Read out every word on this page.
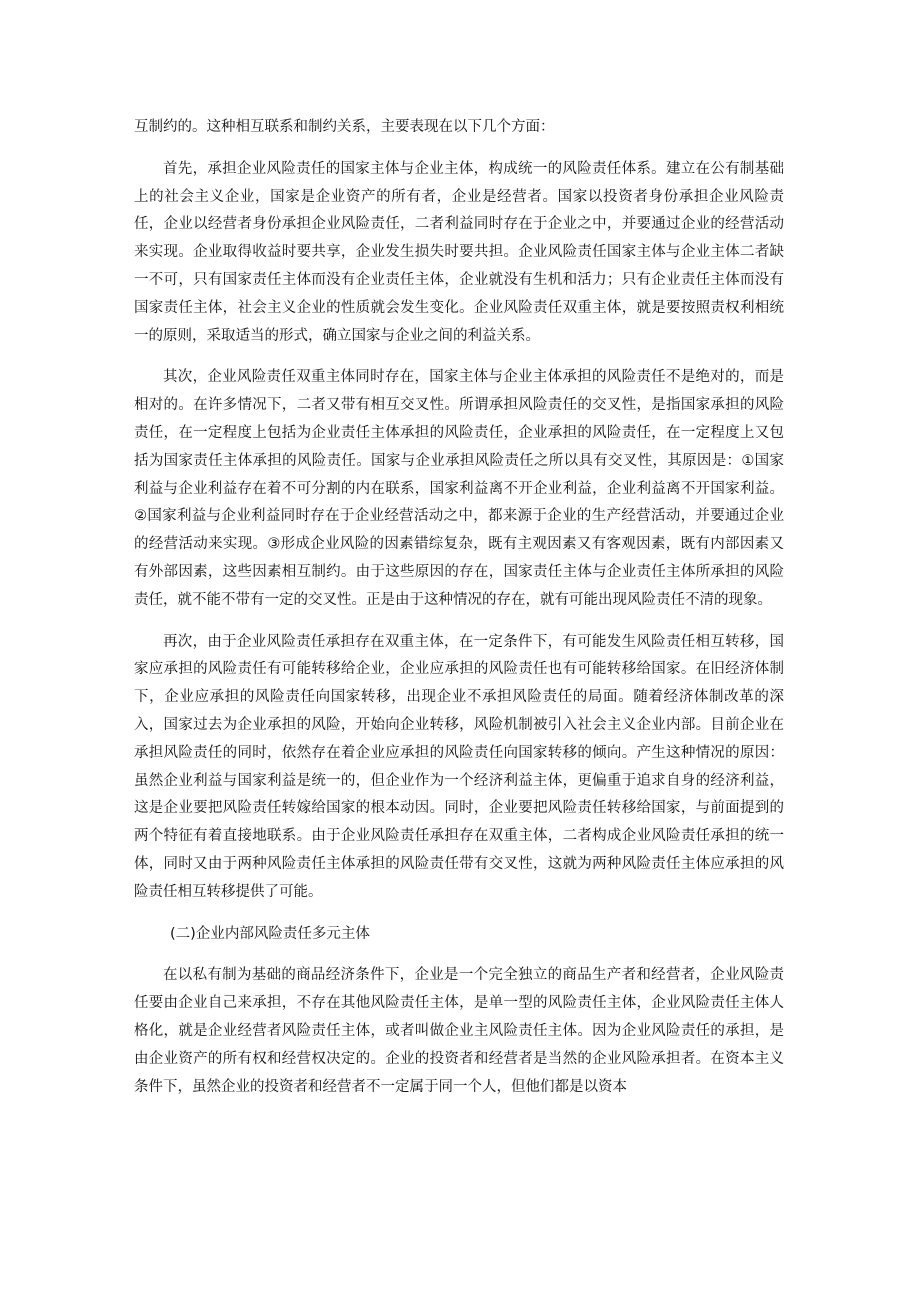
互制约的。这种相互联系和制约关系，主要表现在以下几个方面：

首先，承担企业风险责任的国家主体与企业主体，构成统一的风险责任体系。建立在公有制基础上的社会主义企业，国家是企业资产的所有者，企业是经营者。国家以投资者身份承担企业风险责任，企业以经营者身份承担企业风险责任，二者利益同时存在于企业之中，并要通过企业的经营活动来实现。企业取得收益时要共享，企业发生损失时要共担。企业风险责任国家主体与企业主体二者缺一不可，只有国家责任主体而没有企业责任主体，企业就没有生机和活力；只有企业责任主体而没有国家责任主体，社会主义企业的性质就会发生变化。企业风险责任双重主体，就是要按照责权利相统一的原则，采取适当的形式，确立国家与企业之间的利益关系。

其次，企业风险责任双重主体同时存在，国家主体与企业主体承担的风险责任不是绝对的，而是相对的。在许多情况下，二者又带有相互交叉性。所谓承担风险责任的交叉性，是指国家承担的风险责任，在一定程度上包括为企业责任主体承担的风险责任，企业承担的风险责任，在一定程度上又包括为国家责任主体承担的风险责任。国家与企业承担风险责任之所以具有交叉性，其原因是：①国家利益与企业利益存在着不可分割的内在联系，国家利益离不开企业利益，企业利益离不开国家利益。②国家利益与企业利益同时存在于企业经营活动之中，都来源于企业的生产经营活动，并要通过企业的经营活动来实现。③形成企业风险的因素错综复杂，既有主观因素又有客观因素，既有内部因素又有外部因素，这些因素相互制约。由于这些原因的存在，国家责任主体与企业责任主体所承担的风险责任，就不能不带有一定的交叉性。正是由于这种情况的存在，就有可能出现风险责任不清的现象。

再次，由于企业风险责任承担存在双重主体，在一定条件下，有可能发生风险责任相互转移，国家应承担的风险责任有可能转移给企业，企业应承担的风险责任也有可能转移给国家。在旧经济体制下，企业应承担的风险责任向国家转移，出现企业不承担风险责任的局面。随着经济体制改革的深入，国家过去为企业承担的风险，开始向企业转移，风险机制被引入社会主义企业内部。目前企业在承担风险责任的同时，依然存在着企业应承担的风险责任向国家转移的倾向。产生这种情况的原因：虽然企业利益与国家利益是统一的，但企业作为一个经济利益主体，更偏重于追求自身的经济利益，这是企业要把风险责任转嫁给国家的根本动因。同时，企业要把风险责任转移给国家，与前面提到的两个特征有着直接地联系。由于企业风险责任承担存在双重主体，二者构成企业风险责任承担的统一体，同时又由于两种风险责任主体承担的风险责任带有交叉性，这就为两种风险责任主体应承担的风险责任相互转移提供了可能。

(二)企业内部风险责任多元主体

在以私有制为基础的商品经济条件下，企业是一个完全独立的商品生产者和经营者，企业风险责任要由企业自己来承担，不存在其他风险责任主体，是单一型的风险责任主体，企业风险责任主体人格化，就是企业经营者风险责任主体，或者叫做企业主风险责任主体。因为企业风险责任的承担，是由企业资产的所有权和经营权决定的。企业的投资者和经营者是当然的企业风险承担者。在资本主义条件下，虽然企业的投资者和经营者不一定属于同一个人，但他们都是以资本
